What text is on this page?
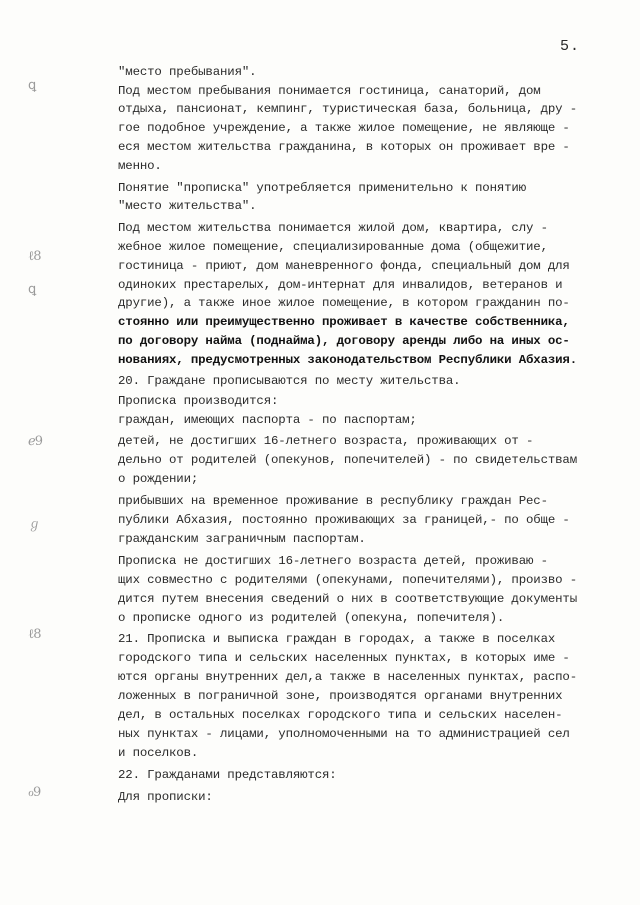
5.
"место пребывания".
Под местом пребывания понимается гостиница, санаторий, дом
отдыха, пансионат, кемпинг, туристическая база, больница, дру -
гое подобное учреждение, а также жилое помещение, не являюще -
еся местом жительства гражданина, в которых он проживает вре -
менно.
Понятие "прописка" употребляется применительно к понятию
"место жительства".
Под местом жительства понимается жилой дом, квартира, слу -
жебное жилое помещение, специализированные дома (общежитие,
гостиница - приют, дом маневренного фонда, специальный дом для
одиноких престарелых, дом-интернат для инвалидов, ветеранов и
другие), а также иное жилое помещение, в котором гражданин по-
стоянно или преимущественно проживает в качестве собственника,
по договору найма (поднайма), договору аренды либо на иных ос-
нованиях, предусмотренных законодательством Республики Абхазия.
20. Граждане прописываются по месту жительства.
Прописка производится:
граждан, имеющих паспорта - по паспортам;
детей, не достигших 16-летнего возраста, проживающих от -
дельно от родителей (опекунов, попечителей) - по свидетельствам
о рождении;
прибывших на временное проживание в республику граждан Рес-
публики Абхазия, постоянно проживающих за границей,- по обще -
гражданским заграничным паспортам.
Прописка не достигших 16-летнего возраста детей, проживаю -
щих совместно с родителями (опекунами, попечителями), произво -
дится путем внесения сведений о них в соответствующие документы
о прописке одного из родителей (опекуна, попечителя).
21. Прописка и выписка граждан в городах, а также в поселках
городского типа и сельских населенных пунктах, в которых име -
ются органы внутренних дел,а также в населенных пунктах, распо-
ложенных в пограничной зоне, производятся органами внутренних
дел, в остальных поселках городского типа и сельских населен-
ных пунктах - лицами, уполномоченными на то администрацией сел
и поселков.
22. Гражданами представляются:
Для прописки:
ꝗ
ℓ8
ꝗ
ℯ9
ℊ
ℓ8
ℴ9
